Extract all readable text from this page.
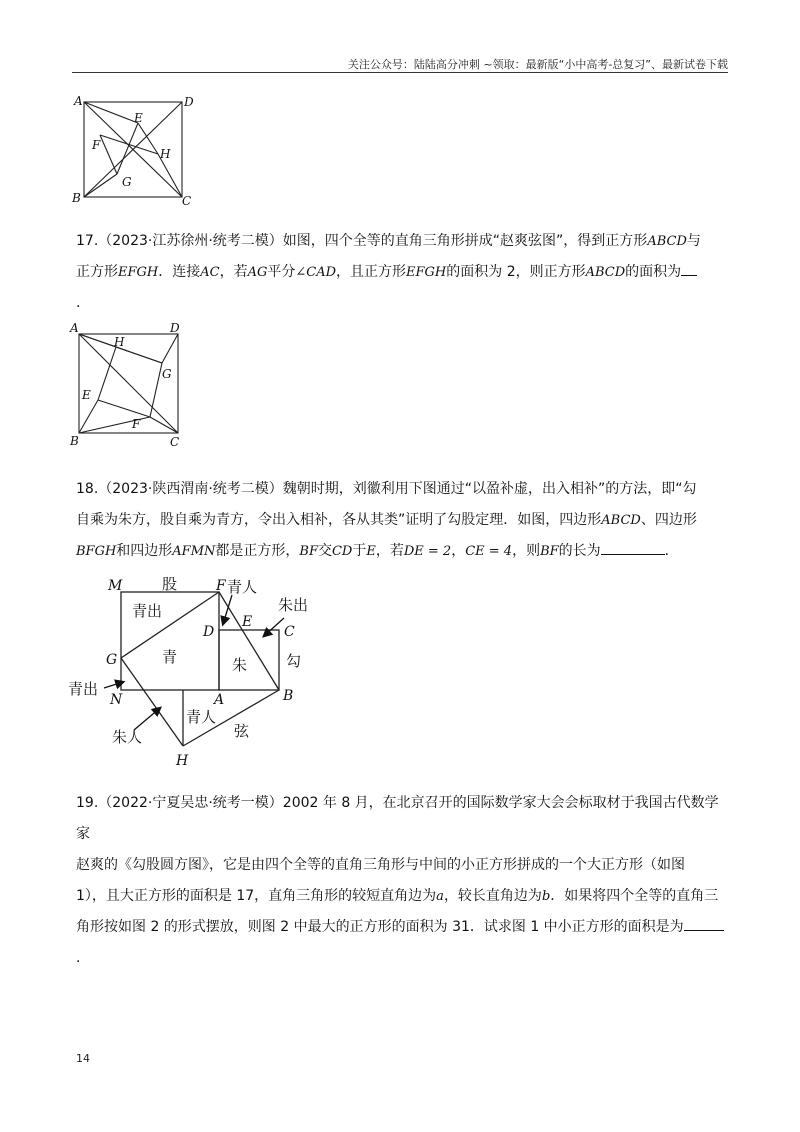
关注公众号：陆陆高分冲刺 ~领取：最新版“小中高考-总复习”、最新试卷下载
A	D
B	C
E
F
G
H
17.（2023·江苏徐州·统考二模）如图，四个全等的直角三角形拼成“赵爽弦图”，得到正方形ABCD与
正方形EFGH．连接AC，若AG平分∠CAD，且正方形EFGH的面积为 2，则正方形ABCD的面积为
.
A	D
B	C
E
F
G
H
18.（2023·陕西渭南·统考二模）魏朝时期，刘徽利用下图通过“以盈补虚，出入相补”的方法，即“勾
自乘为朱方，股自乘为青方，令出入相补，各从其类”证明了勾股定理．如图，四边形ABCD、四边形
BFGH和四边形AFMN都是正方形，BF交CD于E，若DE = 2，CE = 4，则BF的长为	.
M	F
D
E
C
G
N	A	B
H
股	青人
朱出
青出
青	朱	勾
青出
朱人
青人
弦
19.（2022·宁夏吴忠·统考一模）2002 年 8 月，在北京召开的国际数学家大会会标取材于我国古代数学家
赵爽的《勾股圆方图》，它是由四个全等的直角三角形与中间的小正方形拼成的一个大正方形（如图
1），且大正方形的面积是 17，直角三角形的较短直角边为a，较长直角边为b．如果将四个全等的直角三
角形按如图 2 的形式摆放，则图 2 中最大的正方形的面积为 31．试求图 1 中小正方形的面积是为.
14
